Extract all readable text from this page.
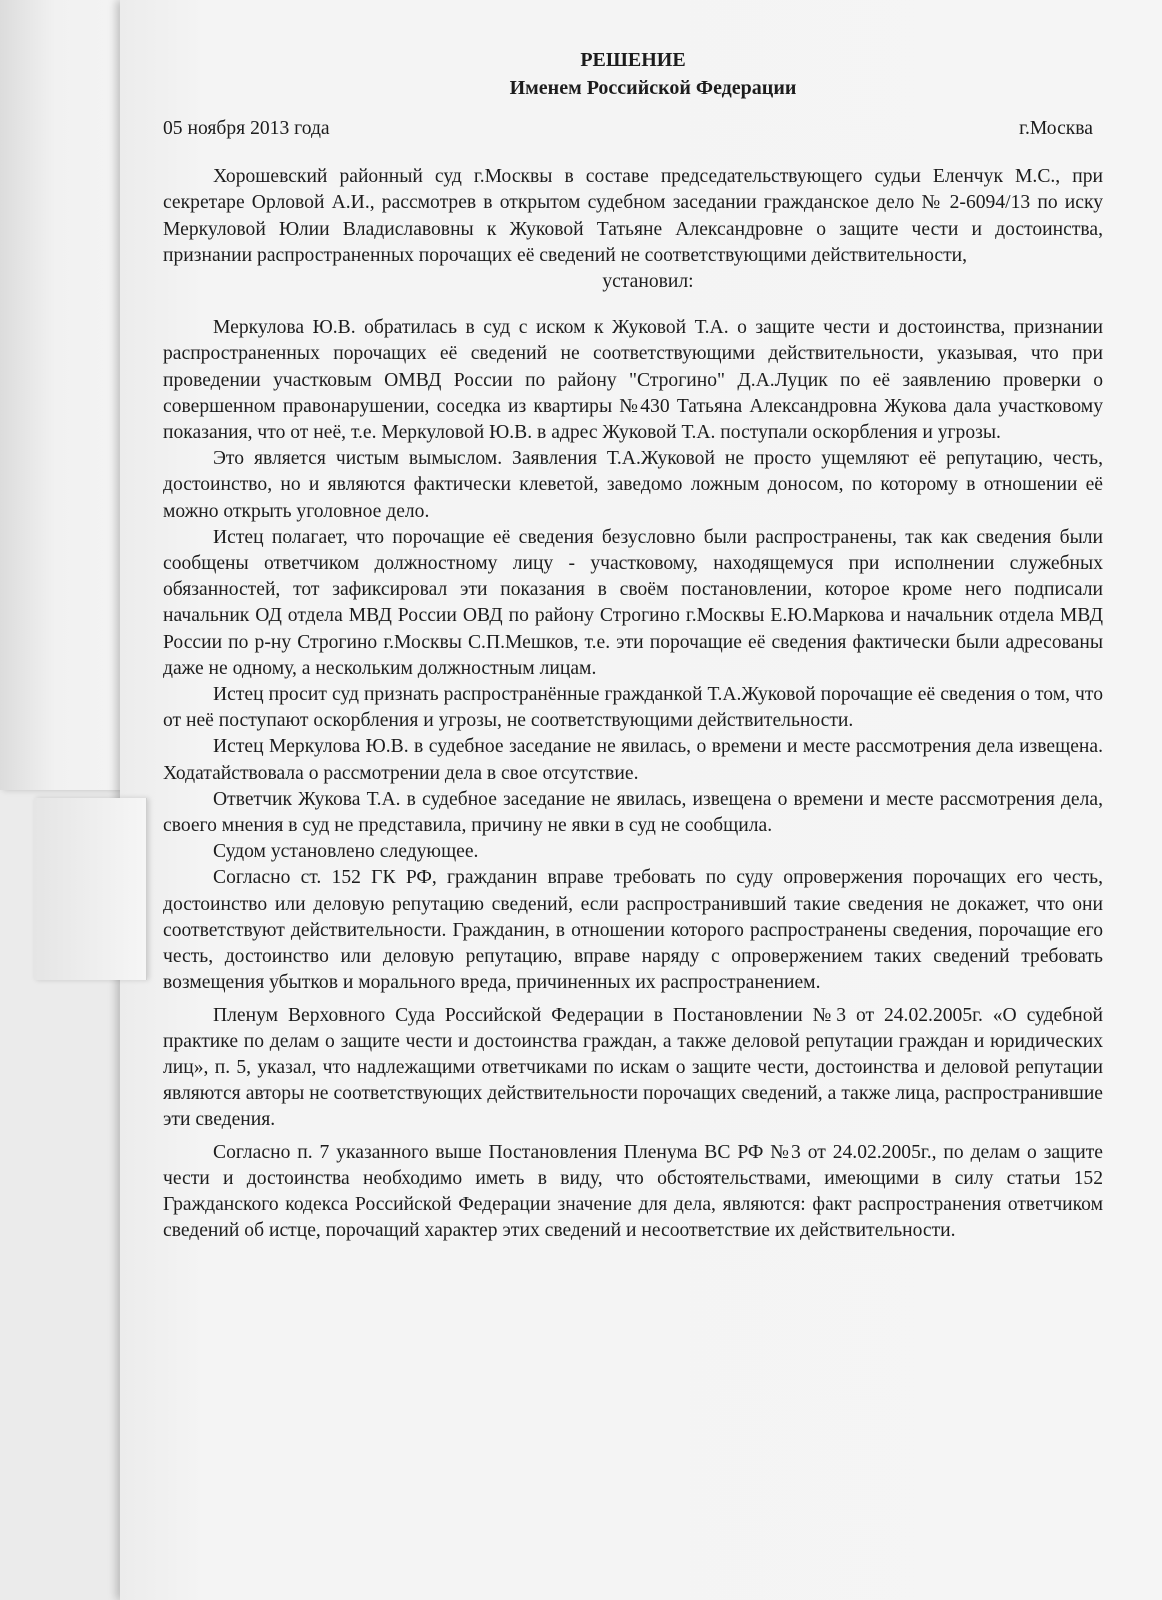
РЕШЕНИЕ
Именем Российской Федерации
05 ноября 2013 года	г.Москва

Хорошевский районный суд г.Москвы в составе председательствующего судьи Еленчук М.С., при секретаре Орловой А.И., рассмотрев в открытом судебном заседании гражданское дело № 2-6094/13 по иску Меркуловой Юлии Владиславовны к Жуковой Татьяне Александровне о защите чести и достоинства, признании распространенных порочащих её сведений не соответствующими действительности,

установил:

Меркулова Ю.В. обратилась в суд с иском к Жуковой Т.А. о защите чести и достоинства, признании распространенных порочащих её сведений не соответствующими действительности, указывая, что при проведении участковым ОМВД России по району "Строгино" Д.А.Луцик по её заявлению проверки о совершенном правонарушении, соседка из квартиры №430 Татьяна Александровна Жукова дала участковому показания, что от неё, т.е. Меркуловой Ю.В. в адрес Жуковой Т.А. поступали оскорбления и угрозы.

Это является чистым вымыслом. Заявления Т.А.Жуковой не просто ущемляют её репутацию, честь, достоинство, но и являются фактически клеветой, заведомо ложным доносом, по которому в отношении её можно открыть уголовное дело.

Истец полагает, что порочащие её сведения безусловно были распространены, так как сведения были сообщены ответчиком должностному лицу - участковому, находящемуся при исполнении служебных обязанностей, тот зафиксировал эти показания в своём постановлении, которое кроме него подписали начальник ОД отдела МВД России ОВД по району Строгино г.Москвы Е.Ю.Маркова и начальник отдела МВД России по р-ну Строгино г.Москвы С.П.Мешков, т.е. эти порочащие её сведения фактически были адресованы даже не одному, а нескольким должностным лицам.

Истец просит суд признать распространённые гражданкой Т.А.Жуковой порочащие её сведения о том, что от неё поступают оскорбления и угрозы, не соответствующими действительности.

Истец Меркулова Ю.В. в судебное заседание не явилась, о времени и месте рассмотрения дела извещена. Ходатайствовала о рассмотрении дела в свое отсутствие.

Ответчик Жукова Т.А. в судебное заседание не явилась, извещена о времени и месте рассмотрения дела, своего мнения в суд не представила, причину не явки в суд не сообщила.

Судом установлено следующее.

Согласно ст. 152 ГК РФ, гражданин вправе требовать по суду опровержения порочащих его честь, достоинство или деловую репутацию сведений, если распространивший такие сведения не докажет, что они соответствуют действительности. Гражданин, в отношении которого распространены сведения, порочащие его честь, достоинство или деловую репутацию, вправе наряду с опровержением таких сведений требовать возмещения убытков и морального вреда, причиненных их распространением.

Пленум Верховного Суда Российской Федерации в Постановлении №3 от 24.02.2005г. «О судебной практике по делам о защите чести и достоинства граждан, а также деловой репутации граждан и юридических лиц», п. 5, указал, что надлежащими ответчиками по искам о защите чести, достоинства и деловой репутации являются авторы не соответствующих действительности порочащих сведений, а также лица, распространившие эти сведения.

Согласно п. 7 указанного выше Постановления Пленума ВС РФ №3 от 24.02.2005г., по делам о защите чести и достоинства необходимо иметь в виду, что обстоятельствами, имеющими в силу статьи 152 Гражданского кодекса Российской Федерации значение для дела, являются: факт распространения ответчиком сведений об истце, порочащий характер этих сведений и несоответствие их действительности.
